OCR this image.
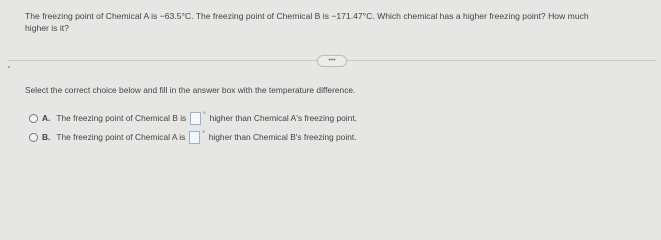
The freezing point of Chemical A is −63.5°C. The freezing point of Chemical B is −171.47°C. Which chemical has a higher freezing point? How much
higher is it?
•••
Select the correct choice below and fill in the answer box with the temperature difference.
A. The freezing point of Chemical B is	° higher than Chemical A's freezing point.
B. The freezing point of Chemical A is	° higher than Chemical B's freezing point.
